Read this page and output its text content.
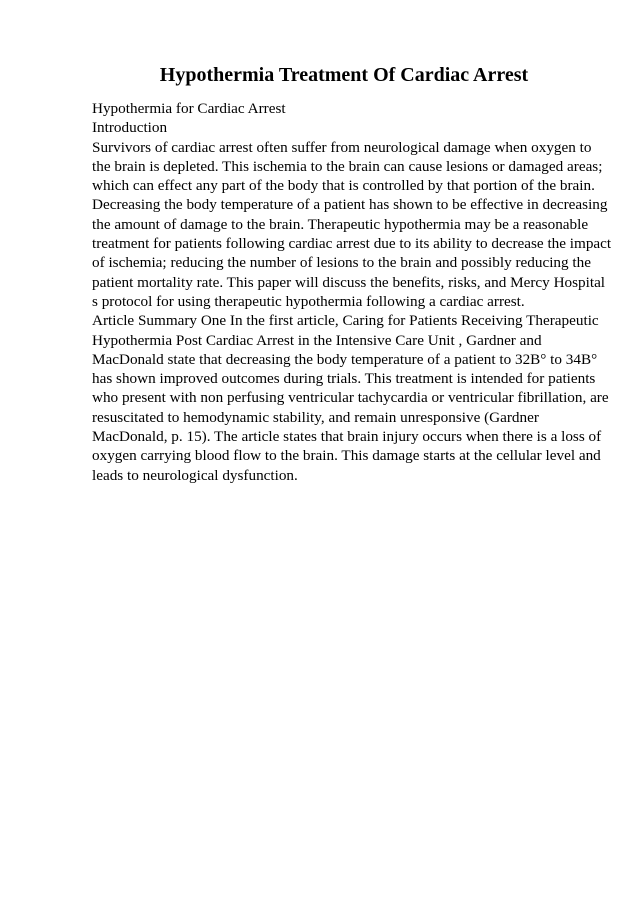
Hypothermia Treatment Of Cardiac Arrest
Hypothermia for Cardiac Arrest
Introduction
Survivors of cardiac arrest often suffer from neurological damage when oxygen to
the brain is depleted. This ischemia to the brain can cause lesions or damaged areas;
which can effect any part of the body that is controlled by that portion of the brain.
Decreasing the body temperature of a patient has shown to be effective in decreasing
the amount of damage to the brain. Therapeutic hypothermia may be a reasonable
treatment for patients following cardiac arrest due to its ability to decrease the impact
of ischemia; reducing the number of lesions to the brain and possibly reducing the
patient mortality rate. This paper will discuss the benefits, risks, and Mercy Hospital
s protocol for using therapeutic hypothermia following a cardiac arrest.
Article Summary One In the first article, Caring for Patients Receiving Therapeutic
Hypothermia Post Cardiac Arrest in the Intensive Care Unit , Gardner and
MacDonald state that decreasing the body temperature of a patient to 32B° to 34B°
has shown improved outcomes during trials. This treatment is intended for patients
who present with non perfusing ventricular tachycardia or ventricular fibrillation, are
resuscitated to hemodynamic stability, and remain unresponsive (Gardner
MacDonald, p. 15). The article states that brain injury occurs when there is a loss of
oxygen carrying blood flow to the brain. This damage starts at the cellular level and
leads to neurological dysfunction.
